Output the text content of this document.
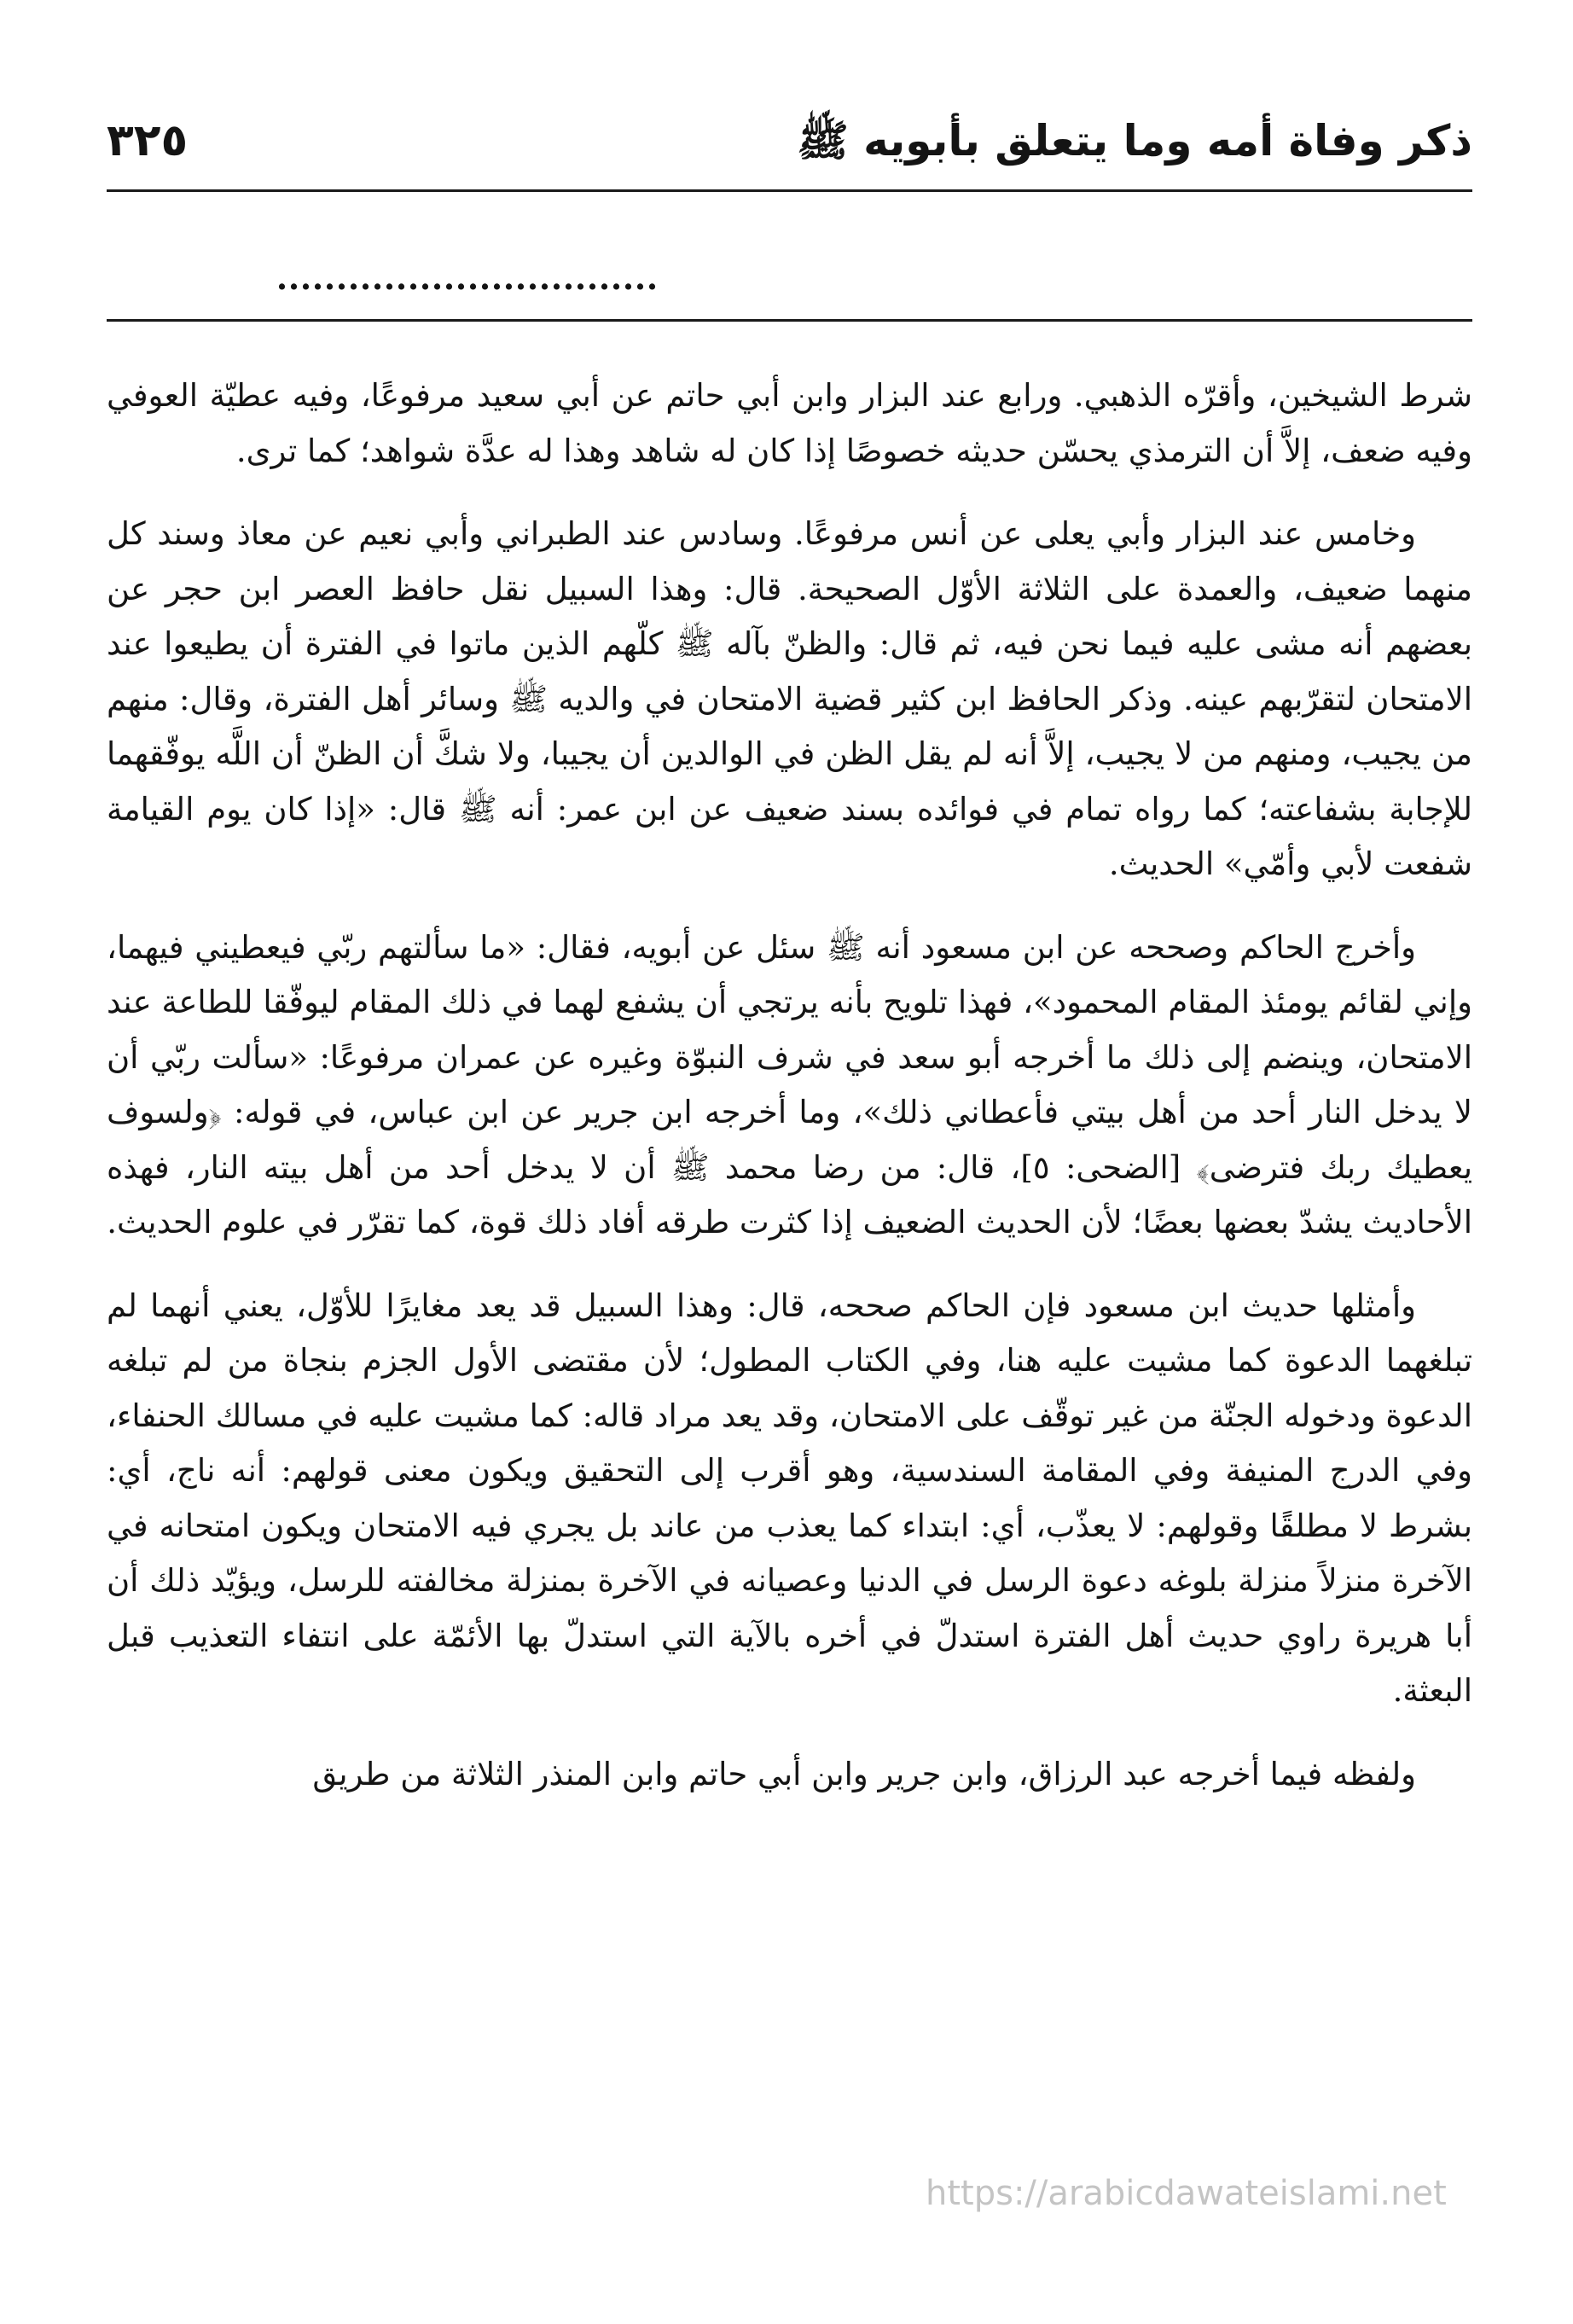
ذكر وفاة أمه وما يتعلق بأبويه ﷺ
٣٢٥
................................

شرط الشيخين، وأقرّه الذهبي. ورابع عند البزار وابن أبي حاتم عن أبي سعيد مرفوعًا، وفيه عطيّة العوفي وفيه ضعف، إلاَّ أن الترمذي يحسّن حديثه خصوصًا إذا كان له شاهد وهذا له عدَّة شواهد؛ كما ترى.

وخامس عند البزار وأبي يعلى عن أنس مرفوعًا. وسادس عند الطبراني وأبي نعيم عن معاذ وسند كل منهما ضعيف، والعمدة على الثلاثة الأوّل الصحيحة. قال: وهذا السبيل نقل حافظ العصر ابن حجر عن بعضهم أنه مشى عليه فيما نحن فيه، ثم قال: والظنّ بآله ﷺ كلّهم الذين ماتوا في الفترة أن يطيعوا عند الامتحان لتقرّبهم عينه. وذكر الحافظ ابن كثير قضية الامتحان في والديه ﷺ وسائر أهل الفترة، وقال: منهم من يجيب، ومنهم من لا يجيب، إلاَّ أنه لم يقل الظن في الوالدين أن يجيبا، ولا شكَّ أن الظنّ أن اللَّه يوفّقهما للإجابة بشفاعته؛ كما رواه تمام في فوائده بسند ضعيف عن ابن عمر: أنه ﷺ قال: «إذا كان يوم القيامة شفعت لأبي وأمّي» الحديث.

وأخرج الحاكم وصححه عن ابن مسعود أنه ﷺ سئل عن أبويه، فقال: «ما سألتهم ربّي فيعطيني فيهما، وإني لقائم يومئذ المقام المحمود»، فهذا تلويح بأنه يرتجي أن يشفع لهما في ذلك المقام ليوفّقا للطاعة عند الامتحان، وينضم إلى ذلك ما أخرجه أبو سعد في شرف النبوّة وغيره عن عمران مرفوعًا: «سألت ربّي أن لا يدخل النار أحد من أهل بيتي فأعطاني ذلك»، وما أخرجه ابن جرير عن ابن عباس، في قوله: ﴿ولسوف يعطيك ربك فترضى﴾ [الضحى: ٥]، قال: من رضا محمد ﷺ أن لا يدخل أحد من أهل بيته النار، فهذه الأحاديث يشدّ بعضها بعضًا؛ لأن الحديث الضعيف إذا كثرت طرقه أفاد ذلك قوة، كما تقرّر في علوم الحديث.

وأمثلها حديث ابن مسعود فإن الحاكم صححه، قال: وهذا السبيل قد يعد مغايرًا للأوّل، يعني أنهما لم تبلغهما الدعوة كما مشيت عليه هنا، وفي الكتاب المطول؛ لأن مقتضى الأول الجزم بنجاة من لم تبلغه الدعوة ودخوله الجنّة من غير توقّف على الامتحان، وقد يعد مراد قاله: كما مشيت عليه في مسالك الحنفاء، وفي الدرج المنيفة وفي المقامة السندسية، وهو أقرب إلى التحقيق ويكون معنى قولهم: أنه ناج، أي: بشرط لا مطلقًا وقولهم: لا يعذّب، أي: ابتداء كما يعذب من عاند بل يجري فيه الامتحان ويكون امتحانه في الآخرة منزلاً منزلة بلوغه دعوة الرسل في الدنيا وعصيانه في الآخرة بمنزلة مخالفته للرسل، ويؤيّد ذلك أن أبا هريرة راوي حديث أهل الفترة استدلّ في أخره بالآية التي استدلّ بها الأئمّة على انتفاء التعذيب قبل البعثة.

ولفظه فيما أخرجه عبد الرزاق، وابن جرير وابن أبي حاتم وابن المنذر الثلاثة من طريق

https://arabicdawateislami.net
